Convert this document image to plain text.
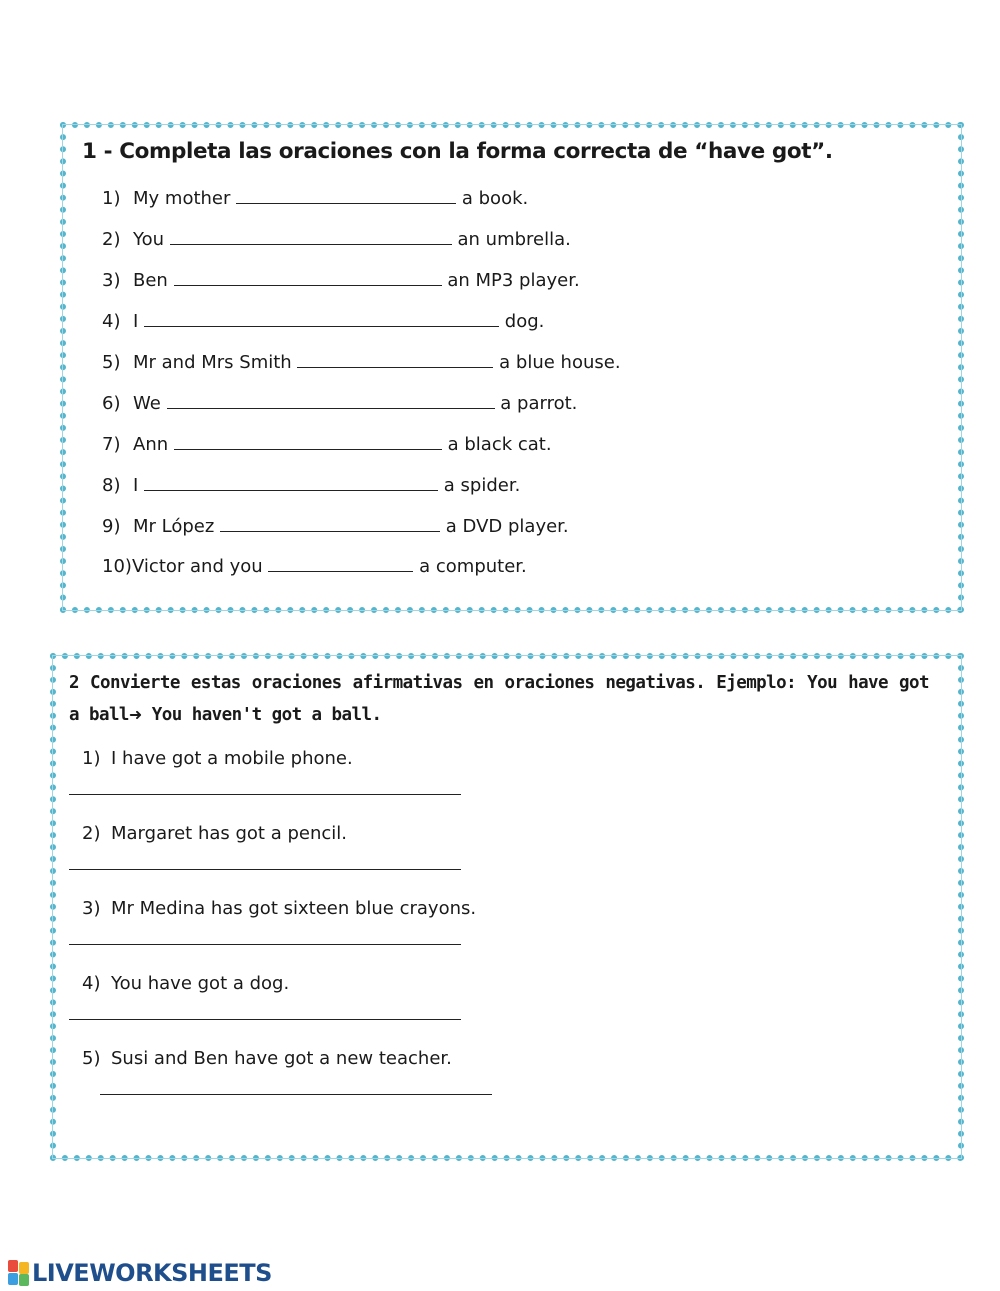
1 - Completa las oraciones con la forma correcta de “have got”.
1) My mother	a book.
2) You	an umbrella.
3) Ben	an MP3 player.
4) I	dog.
5) Mr and Mrs Smith	a blue house.
6) We	a parrot.
7) Ann	a black cat.
8) I	a spider.
9) Mr López	a DVD player.
10)Victor and you	a computer.
2 Convierte estas oraciones afirmativas en oraciones negativas. Ejemplo: You have got a ball➜ You haven't got a ball.
1) I have got a mobile phone.
2) Margaret has got a pencil.
3) Mr Medina has got sixteen blue crayons.
4) You have got a dog.
5) Susi and Ben have got a new teacher.
LIVEWORKSHEETS
